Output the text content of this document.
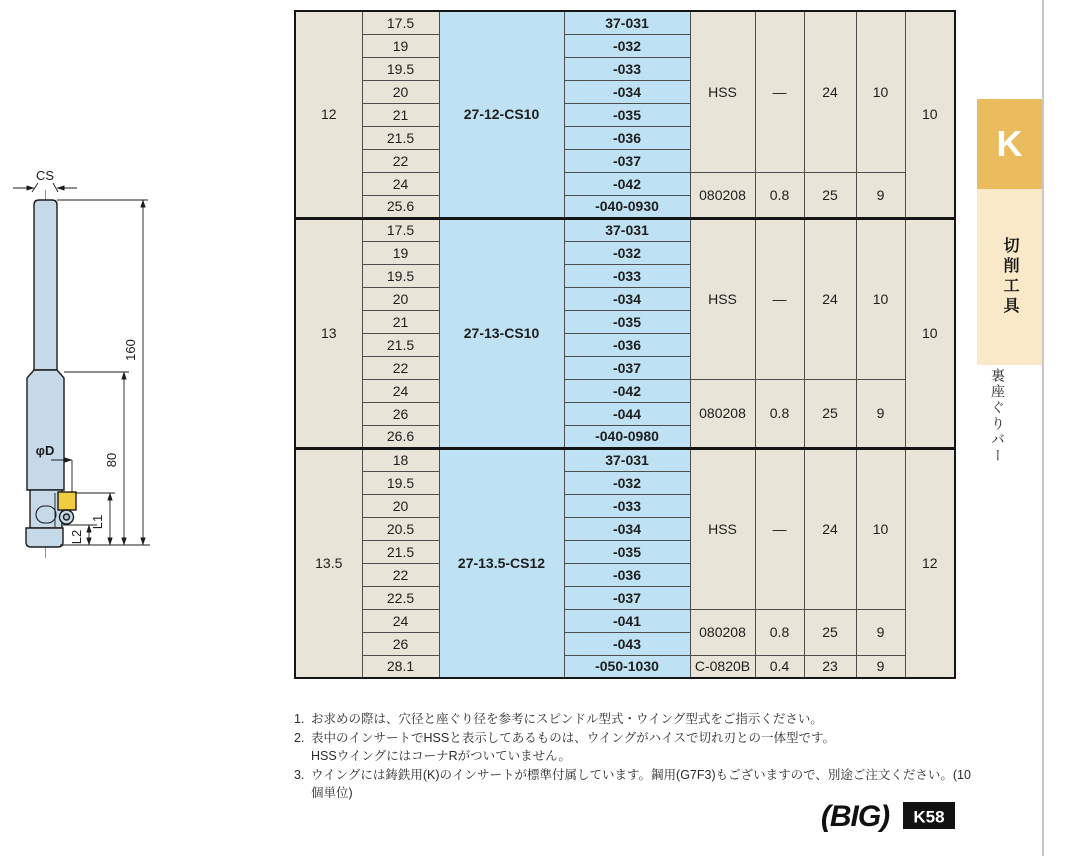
CS
160
80
φD
L1
L2
12	17.5	27-12-CS10	37-031	HSS	—	24	10	10
	19		-032					
	19.5		-033					
	20		-034					
	21		-035					
	21.5		-036					
	22		-037					
	24		-042	080208	0.8	25	9	
	25.6		-040-0930					
13	17.5	27-13-CS10	37-031	HSS	—	24	10	10
	19		-032					
	19.5		-033					
	20		-034					
	21		-035					
	21.5		-036					
	22		-037					
	24		-042	080208	0.8	25	9	
	26		-044					
	26.6		-040-0980					
13.5	18	27-13.5-CS12	37-031	HSS	—	24	10	12
	19.5		-032					
	20		-033					
	20.5		-034					
	21.5		-035					
	22		-036					
	22.5		-037					
	24		-041	080208	0.8	25	9	
	26		-043					
	28.1		-050-1030	C-0820B	0.4	23	9	
1. お求めの際は、穴径と座ぐり径を参考にスピンドル型式・ウイング型式をご指示ください。
2. 表中のインサートでHSSと表示してあるものは、ウイングがハイスで切れ刃との一体型です。
HSSウイングにはコーナRがついていません。
3. ウイングには鋳鉄用(K)のインサートが標準付属しています。鋼用(G7F3)もございますので、別途ご注文ください。(10個単位)
(BIG) K58
K
切削工具
裏座ぐりバー
